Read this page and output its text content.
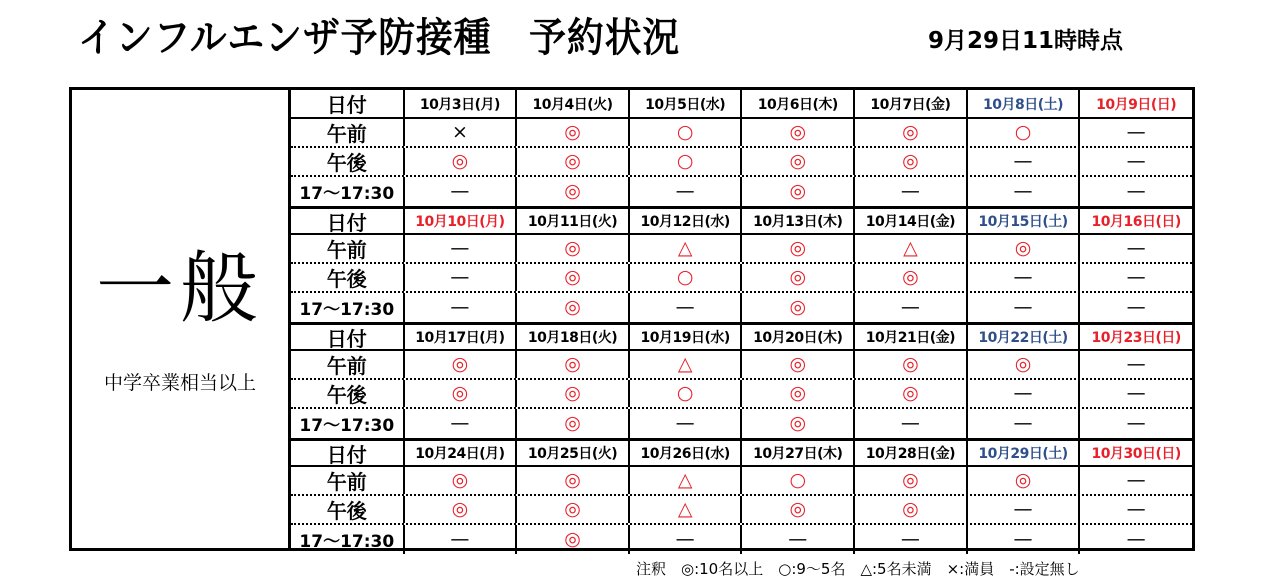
インフルエンザ予防接種　予約状況	9月29日11時時点
一般
中学卒業相当以上
日付	10月3日(月) 10月4日(火) 10月5日(水) 10月6日(木) 10月7日(金) 10月8日(土) 10月9日(日)
午前	×	◎	○	◎	◎	○	—
午後	◎	◎	○	◎	◎	—	—
17～17:30	—	◎	—	◎	—	—	—
日付	10月10日(月) 10月11日(火) 10月12日(水) 10月13日(木) 10月14日(金) 10月15日(土) 10月16日(日)
午前	—	◎	△	◎	△	◎	—
午後	—	◎	○	◎	◎	—	—
17～17:30	—	◎	—	◎	—	—	—
日付	10月17日(月) 10月18日(火) 10月19日(水) 10月20日(木) 10月21日(金) 10月22日(土) 10月23日(日)
午前	◎	◎	△	◎	◎	◎	—
午後	◎	◎	○	◎	◎	—	—
17～17:30	—	◎	—	◎	—	—	—
日付	10月24日(月) 10月25日(火) 10月26日(水) 10月27日(木) 10月28日(金) 10月29日(土) 10月30日(日)
午前	◎	◎	△	○	◎	◎	—
午後	◎	◎	△	◎	◎	—	—
17～17:30	—	◎	—	—	—	—	—
注釈　◎:10名以上　○:9～5名　△:5名未満　×:満員　-:設定無し
